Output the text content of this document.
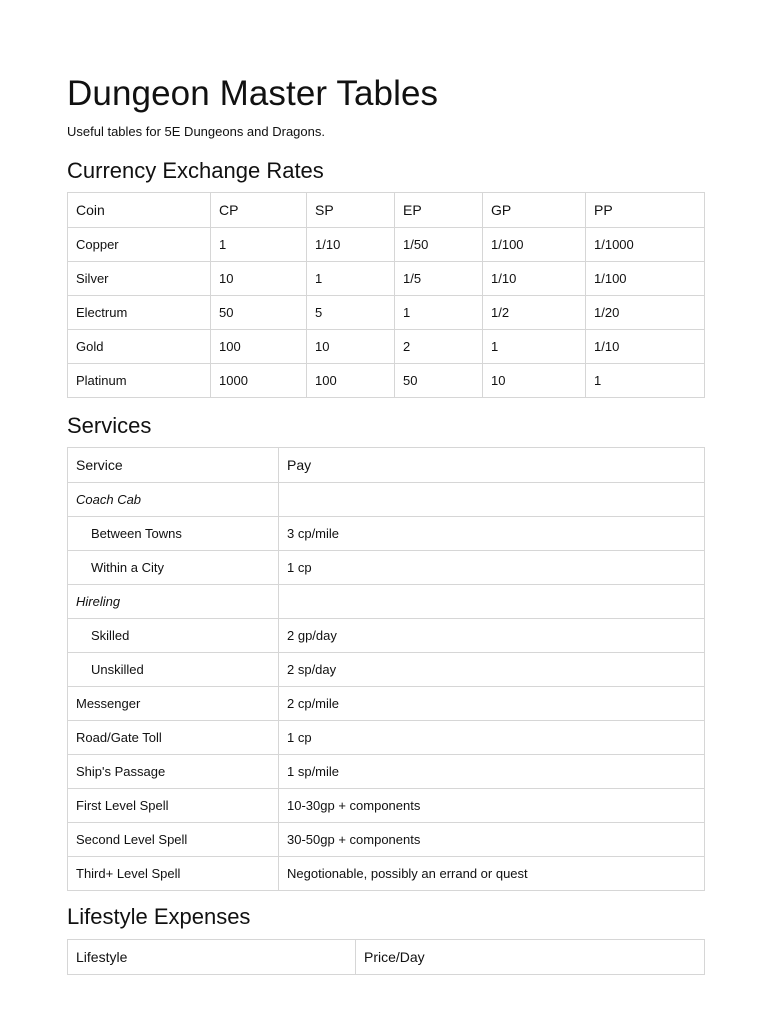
Dungeon Master Tables

Useful tables for 5E Dungeons and Dragons.

Currency Exchange Rates
Coin	CP	SP	EP	GP	PP
Copper	1	1/10	1/50	1/100	1/1000
Silver	10	1	1/5	1/10	1/100
Electrum	50	5	1	1/2	1/20
Gold	100	10	2	1	1/10
Platinum	1000	100	50	10	1
Services
Service	Pay
Coach Cab	
Between Towns	3 cp/mile
Within a City	1 cp
Hireling	
Skilled	2 gp/day
Unskilled	2 sp/day
Messenger	2 cp/mile
Road/Gate Toll	1 cp
Ship's Passage	1 sp/mile
First Level Spell	10-30gp + components
Second Level Spell	30-50gp + components
Third+ Level Spell	Negotionable, possibly an errand or quest
Lifestyle Expenses
Lifestyle	Price/Day
